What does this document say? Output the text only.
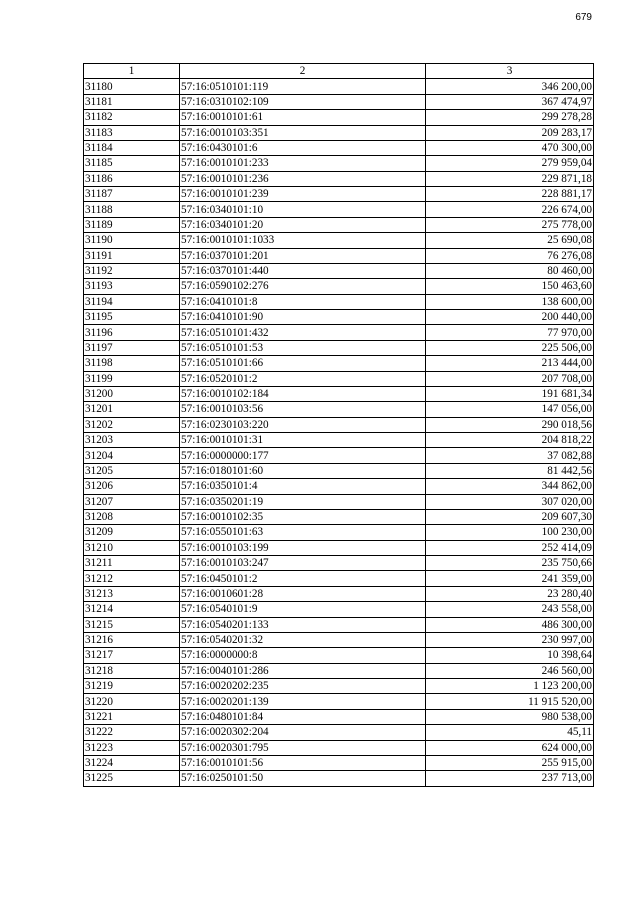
679
1	2	3
31180	57:16:0510101:119	346 200,00
31181	57:16:0310102:109	367 474,97
31182	57:16:0010101:61	299 278,28
31183	57:16:0010103:351	209 283,17
31184	57:16:0430101:6	470 300,00
31185	57:16:0010101:233	279 959,04
31186	57:16:0010101:236	229 871,18
31187	57:16:0010101:239	228 881,17
31188	57:16:0340101:10	226 674,00
31189	57:16:0340101:20	275 778,00
31190	57:16:0010101:1033	25 690,08
31191	57:16:0370101:201	76 276,08
31192	57:16:0370101:440	80 460,00
31193	57:16:0590102:276	150 463,60
31194	57:16:0410101:8	138 600,00
31195	57:16:0410101:90	200 440,00
31196	57:16:0510101:432	77 970,00
31197	57:16:0510101:53	225 506,00
31198	57:16:0510101:66	213 444,00
31199	57:16:0520101:2	207 708,00
31200	57:16:0010102:184	191 681,34
31201	57:16:0010103:56	147 056,00
31202	57:16:0230103:220	290 018,56
31203	57:16:0010101:31	204 818,22
31204	57:16:0000000:177	37 082,88
31205	57:16:0180101:60	81 442,56
31206	57:16:0350101:4	344 862,00
31207	57:16:0350201:19	307 020,00
31208	57:16:0010102:35	209 607,30
31209	57:16:0550101:63	100 230,00
31210	57:16:0010103:199	252 414,09
31211	57:16:0010103:247	235 750,66
31212	57:16:0450101:2	241 359,00
31213	57:16:0010601:28	23 280,40
31214	57:16:0540101:9	243 558,00
31215	57:16:0540201:133	486 300,00
31216	57:16:0540201:32	230 997,00
31217	57:16:0000000:8	10 398,64
31218	57:16:0040101:286	246 560,00
31219	57:16:0020202:235	1 123 200,00
31220	57:16:0020201:139	11 915 520,00
31221	57:16:0480101:84	980 538,00
31222	57:16:0020302:204	45,11
31223	57:16:0020301:795	624 000,00
31224	57:16:0010101:56	255 915,00
31225	57:16:0250101:50	237 713,00
